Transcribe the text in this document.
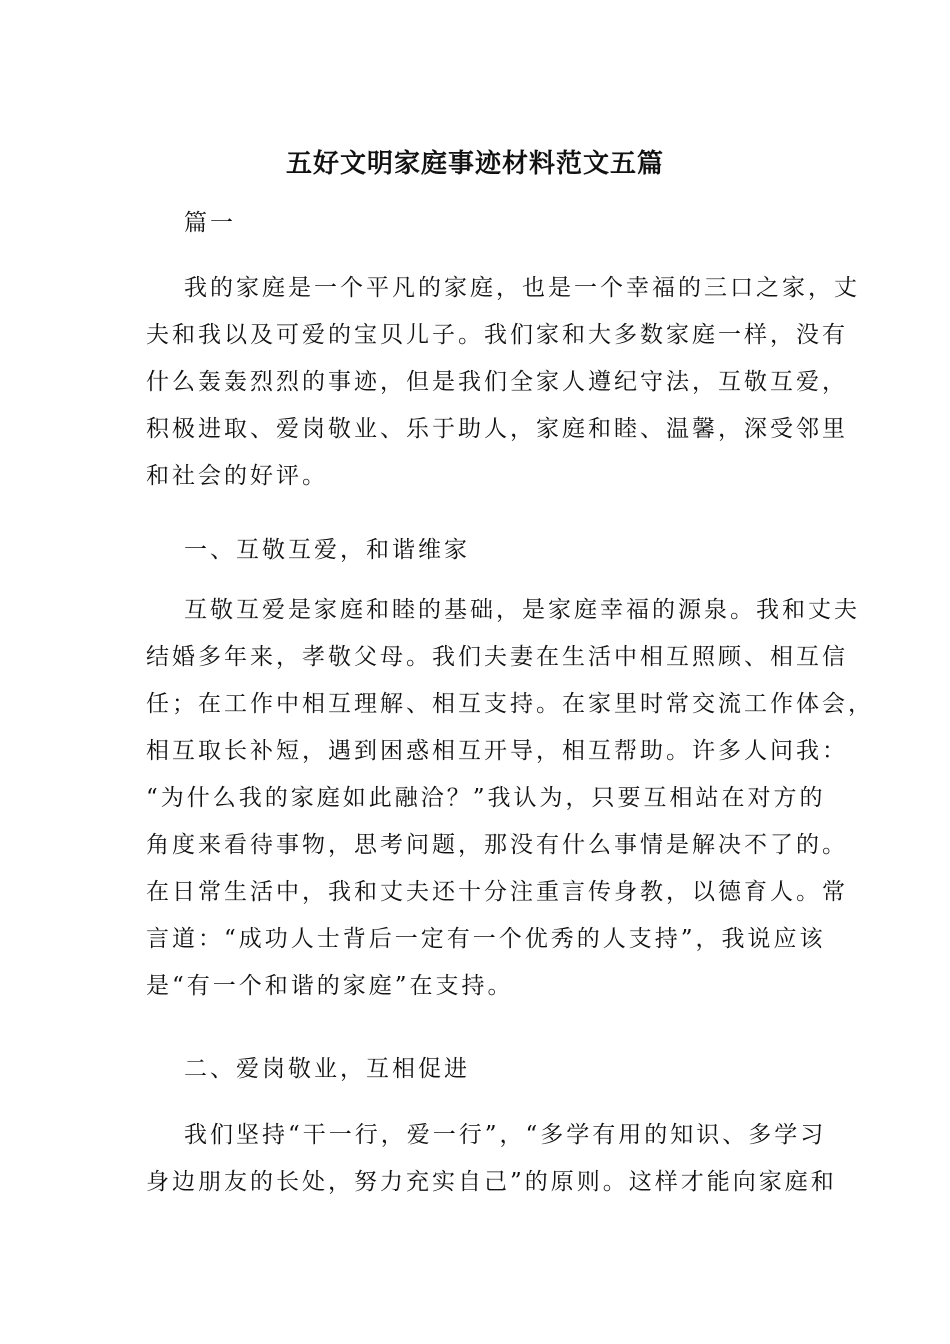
五好文明家庭事迹材料范文五篇
篇一
我的家庭是一个平凡的家庭，也是一个幸福的三口之家，丈
夫和我以及可爱的宝贝儿子。我们家和大多数家庭一样，没有
什么轰轰烈烈的事迹，但是我们全家人遵纪守法，互敬互爱，
积极进取、爱岗敬业、乐于助人，家庭和睦、温馨，深受邻里
和社会的好评。
一、互敬互爱，和谐维家
互敬互爱是家庭和睦的基础，是家庭幸福的源泉。我和丈夫
结婚多年来，孝敬父母。我们夫妻在生活中相互照顾、相互信
任；在工作中相互理解、相互支持。在家里时常交流工作体会，
相互取长补短，遇到困惑相互开导，相互帮助。许多人问我：
“为什么我的家庭如此融洽？”我认为，只要互相站在对方的
角度来看待事物，思考问题，那没有什么事情是解决不了的。
在日常生活中，我和丈夫还十分注重言传身教，以德育人。常
言道：“成功人士背后一定有一个优秀的人支持”，我说应该
是“有一个和谐的家庭”在支持。
二、爱岗敬业，互相促进
我们坚持“干一行，爱一行”，“多学有用的知识、多学习
身边朋友的长处，努力充实自己”的原则。这样才能向家庭和
